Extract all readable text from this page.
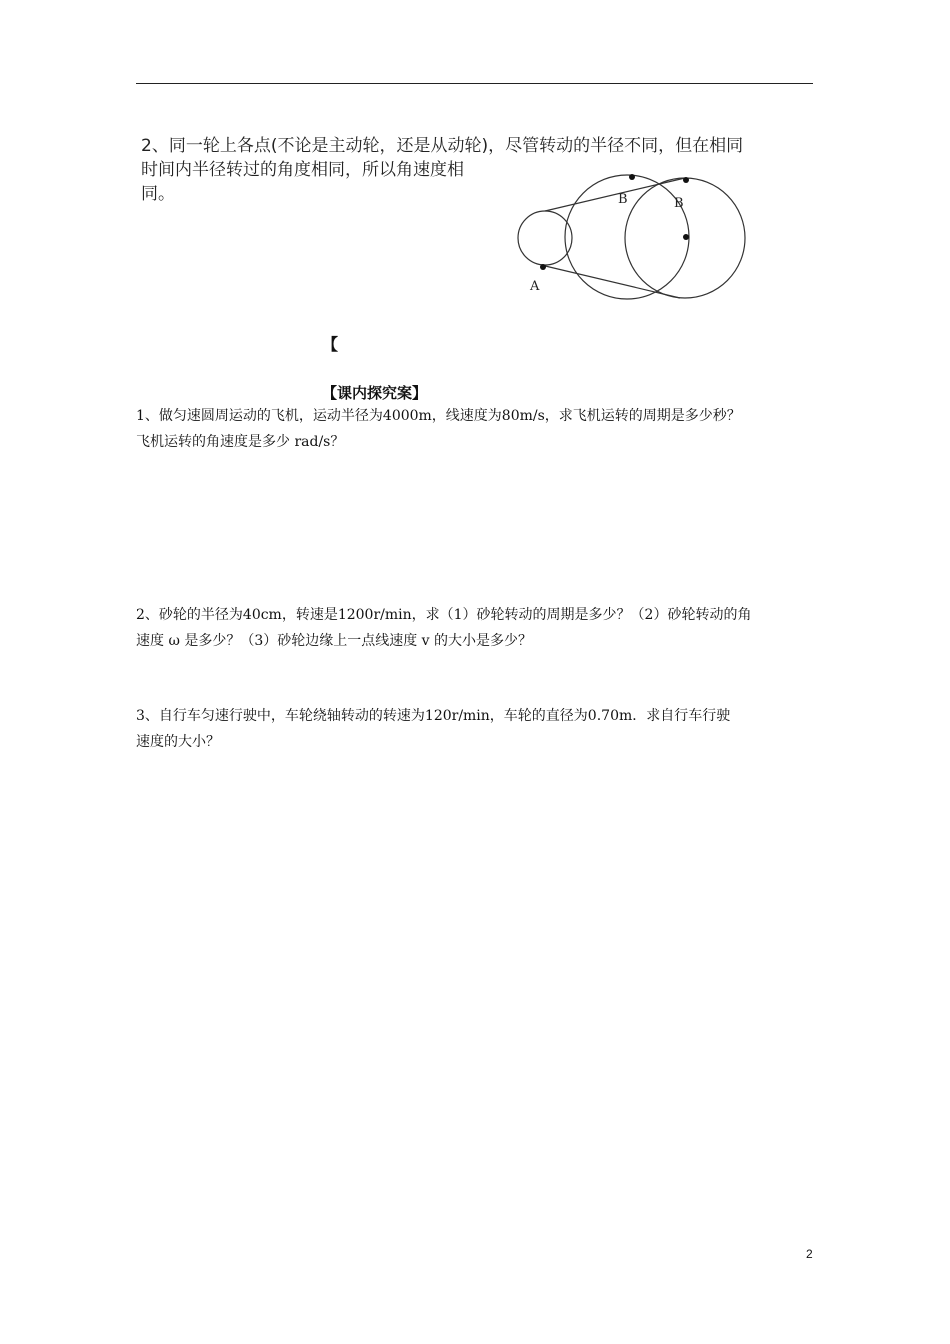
2、同一轮上各点(不论是主动轮，还是从动轮)，尽管转动的半径不同，但在相同
时间内半径转过的角度相同，所以角速度相
同。
A
B	B
【
【课内探究案】
1、做匀速圆周运动的飞机，运动半径为4000m，线速度为80m/s，求飞机运转的周期是多少秒？
飞机运转的角速度是多少 rad/s？
2、砂轮的半径为40cm，转速是1200r/min，求（1）砂轮转动的周期是多少？（2）砂轮转动的角
速度 ω 是多少？（3）砂轮边缘上一点线速度 v 的大小是多少？
3、自行车匀速行驶中，车轮绕轴转动的转速为120r/min，车轮的直径为0.70m．求自行车行驶
速度的大小？
2
